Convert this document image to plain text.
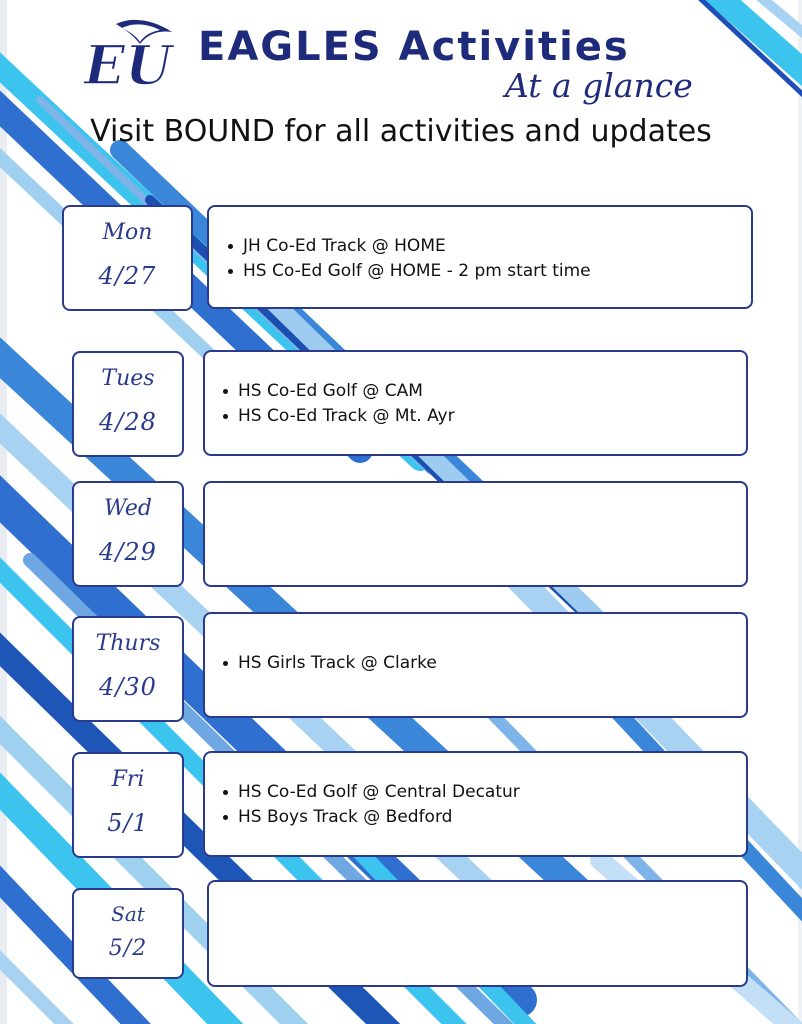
EU EAGLES Activities
At a glance
Visit BOUND for all activities and updates
Mon
4/27
JH Co-Ed Track @ HOME
HS Co-Ed Golf @ HOME - 2 pm start time
Tues
4/28
HS Co-Ed Golf @ CAM
HS Co-Ed Track @ Mt. Ayr
Wed
4/29
Thurs
4/30
HS Girls Track @ Clarke
Fri
5/1
HS Co-Ed Golf @ Central Decatur
HS Boys Track @ Bedford
Sat
5/2
